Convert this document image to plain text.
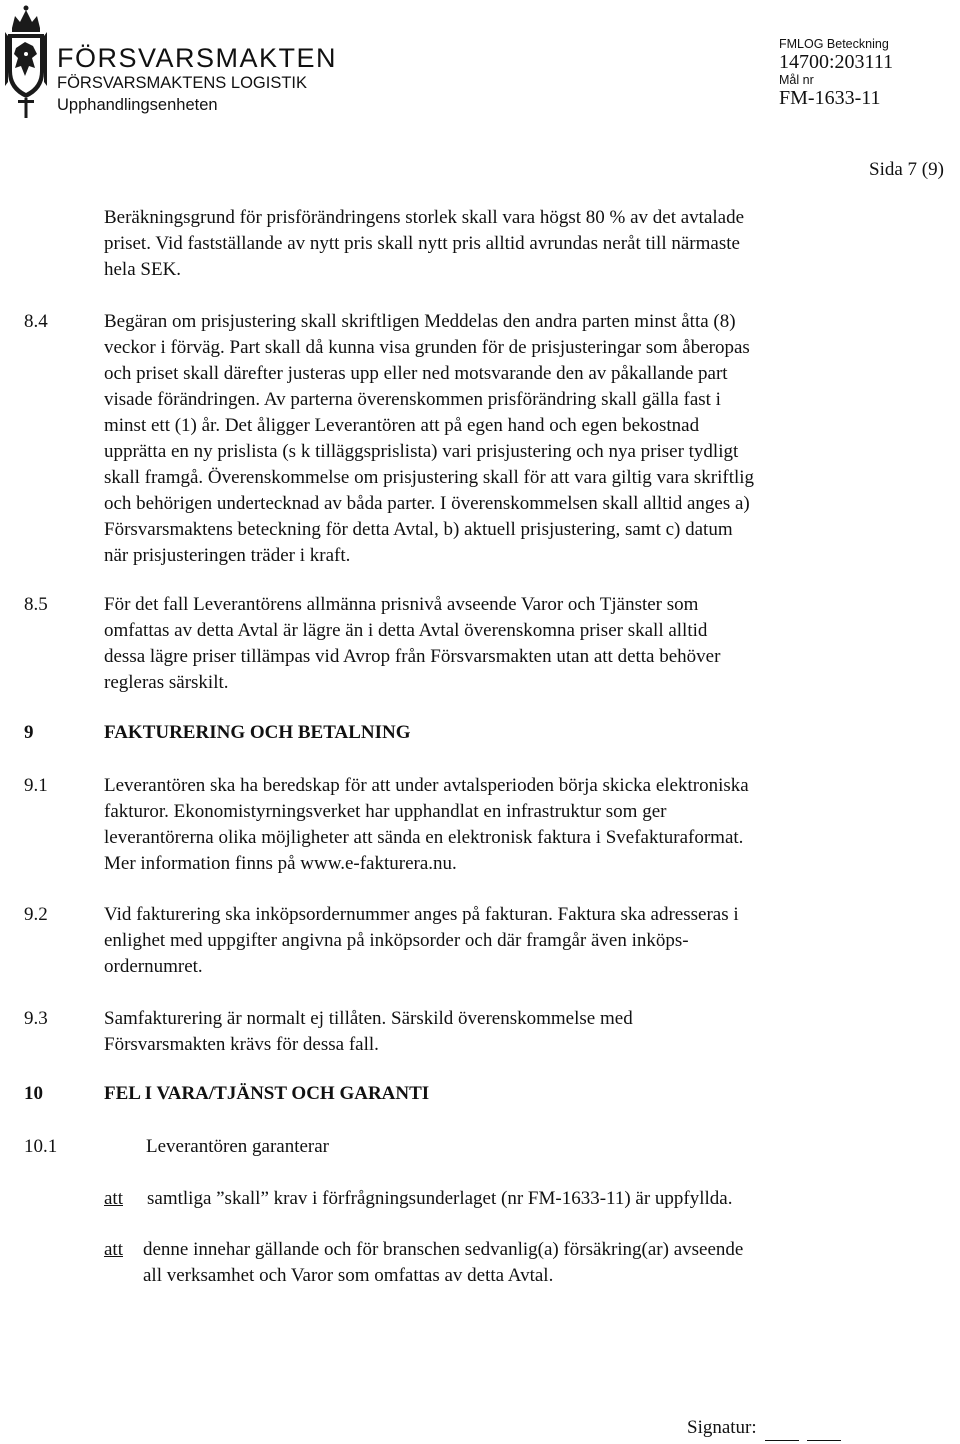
FÖRSVARSMAKTEN
FÖRSVARSMAKTENS LOGISTIK
Upphandlingsenheten
FMLOG Beteckning
14700:203111
Mål nr
FM-1633-11
Sida 7 (9)
Beräkningsgrund för prisförändringens storlek skall vara högst 80 % av det avtalade
priset. Vid fastställande av nytt pris skall nytt pris alltid avrundas neråt till närmaste
hela SEK.
8.4	Begäran om prisjustering skall skriftligen Meddelas den andra parten minst åtta (8)
veckor i förväg. Part skall då kunna visa grunden för de prisjusteringar som åberopas
och priset skall därefter justeras upp eller ned motsvarande den av påkallande part
visade förändringen. Av parterna överenskommen prisförändring skall gälla fast i
minst ett (1) år. Det åligger Leverantören att på egen hand och egen bekostnad
upprätta en ny prislista (s k tilläggsprislista) vari prisjustering och nya priser tydligt
skall framgå. Överenskommelse om prisjustering skall för att vara giltig vara skriftlig
och behörigen undertecknad av båda parter. I överenskommelsen skall alltid anges a)
Försvarsmaktens beteckning för detta Avtal, b) aktuell prisjustering, samt c) datum
när prisjusteringen träder i kraft.
8.5	För det fall Leverantörens allmänna prisnivå avseende Varor och Tjänster som
omfattas av detta Avtal är lägre än i detta Avtal överenskomna priser skall alltid
dessa lägre priser tillämpas vid Avrop från Försvarsmakten utan att detta behöver
regleras särskilt.
9	FAKTURERING OCH BETALNING
9.1	Leverantören ska ha beredskap för att under avtalsperioden börja skicka elektroniska
fakturor. Ekonomistyrningsverket har upphandlat en infrastruktur som ger
leverantörerna olika möjligheter att sända en elektronisk faktura i Svefakturaformat.
Mer information finns på www.e-fakturera.nu.
9.2	Vid fakturering ska inköpsordernummer anges på fakturan. Faktura ska adresseras i
enlighet med uppgifter angivna på inköpsorder och där framgår även inköps-
ordernumret.
9.3	Samfakturering är normalt ej tillåten. Särskild överenskommelse med
Försvarsmakten krävs för dessa fall.
10	FEL I VARA/TJÄNST OCH GARANTI
10.1	Leverantören garanterar
att samtliga ”skall” krav i förfrågningsunderlaget (nr FM-1633-11) är uppfyllda.
att denne innehar gällande och för branschen sedvanlig(a) försäkring(ar) avseende
all verksamhet och Varor som omfattas av detta Avtal.
Signatur:
